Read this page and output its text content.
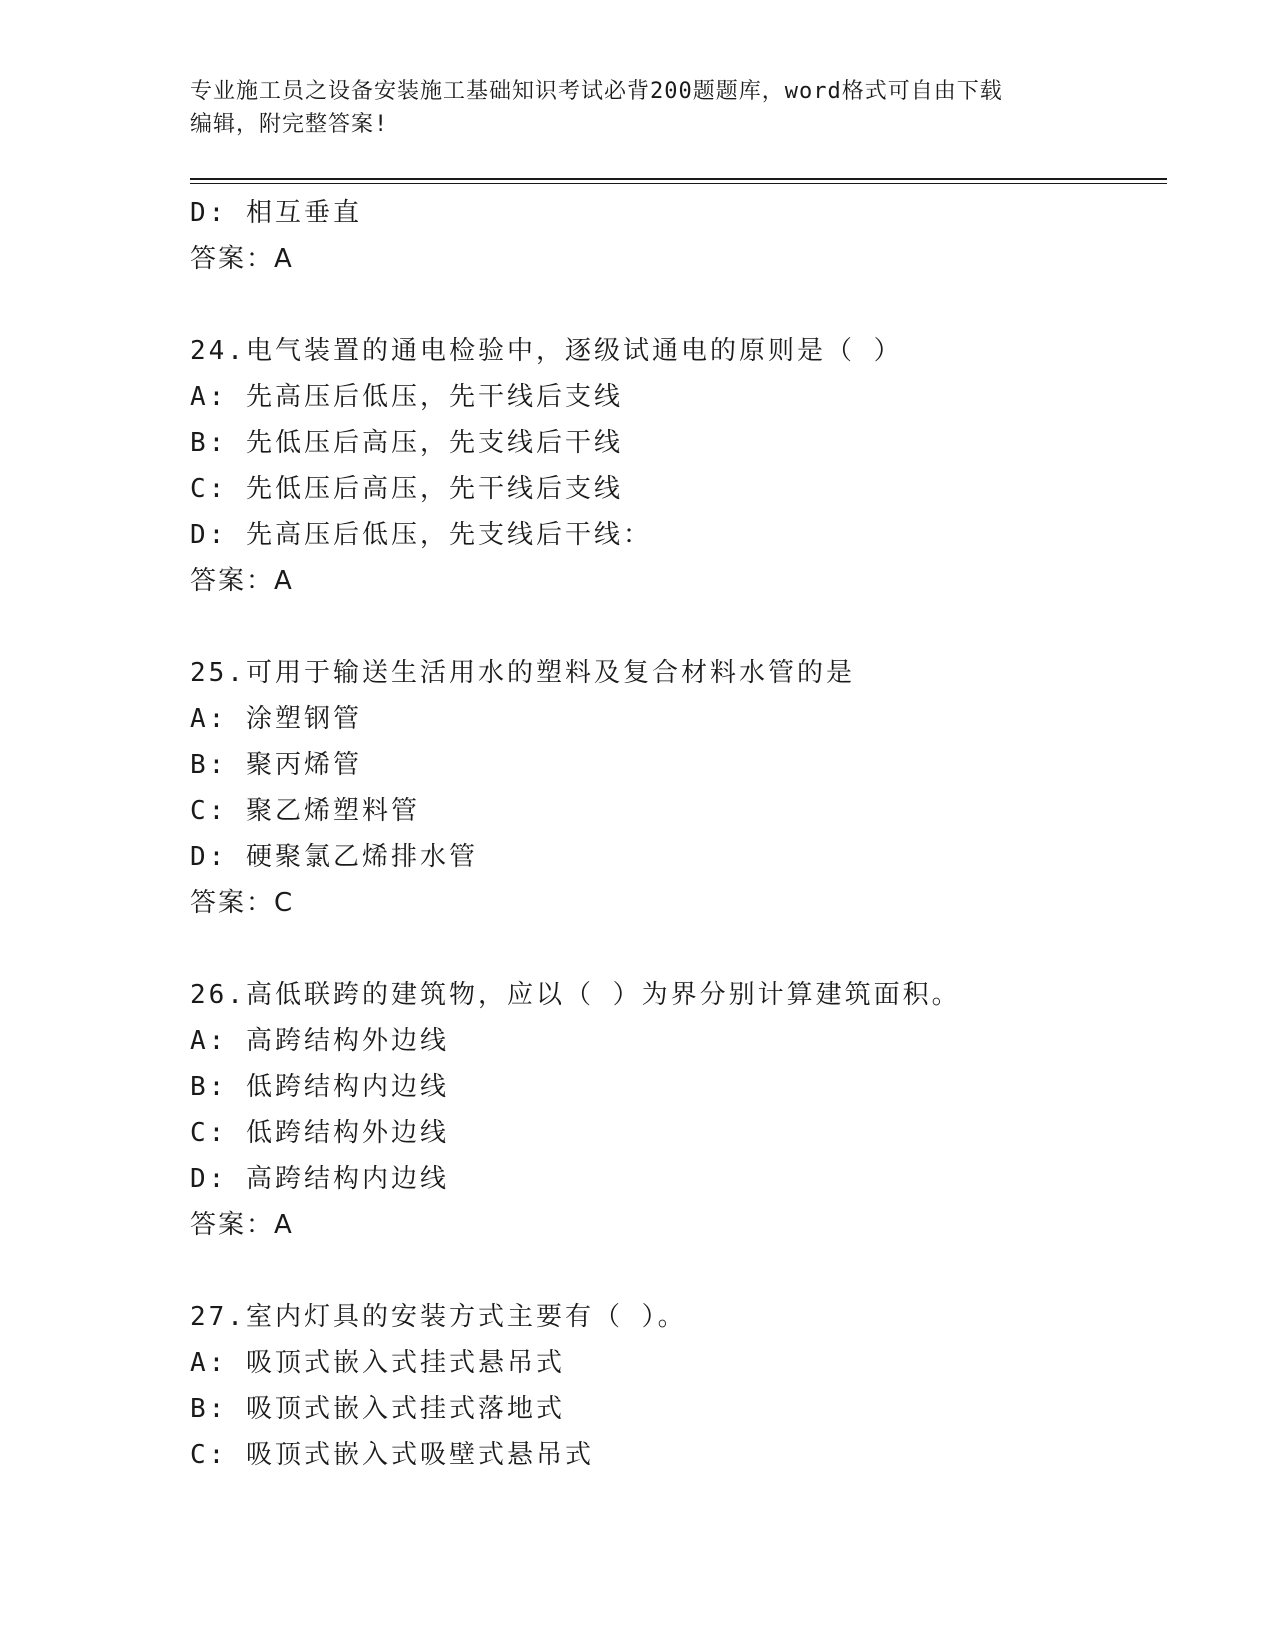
专业施工员之设备安装施工基础知识考试必背200题题库，word格式可自由下载
编辑，附完整答案!
D: 相互垂直
答案：A
24.电气装置的通电检验中，逐级试通电的原则是（ ）
A: 先高压后低压，先干线后支线
B: 先低压后高压，先支线后干线
C: 先低压后高压，先干线后支线
D: 先高压后低压，先支线后干线：
答案：A
25.可用于输送生活用水的塑料及复合材料水管的是
A: 涂塑钢管
B: 聚丙烯管
C: 聚乙烯塑料管
D: 硬聚氯乙烯排水管
答案：C
26.高低联跨的建筑物，应以（ ）为界分别计算建筑面积。
A: 高跨结构外边线
B: 低跨结构内边线
C: 低跨结构外边线
D: 高跨结构内边线
答案：A
27.室内灯具的安装方式主要有（ ）。
A: 吸顶式嵌入式挂式悬吊式
B: 吸顶式嵌入式挂式落地式
C: 吸顶式嵌入式吸壁式悬吊式
